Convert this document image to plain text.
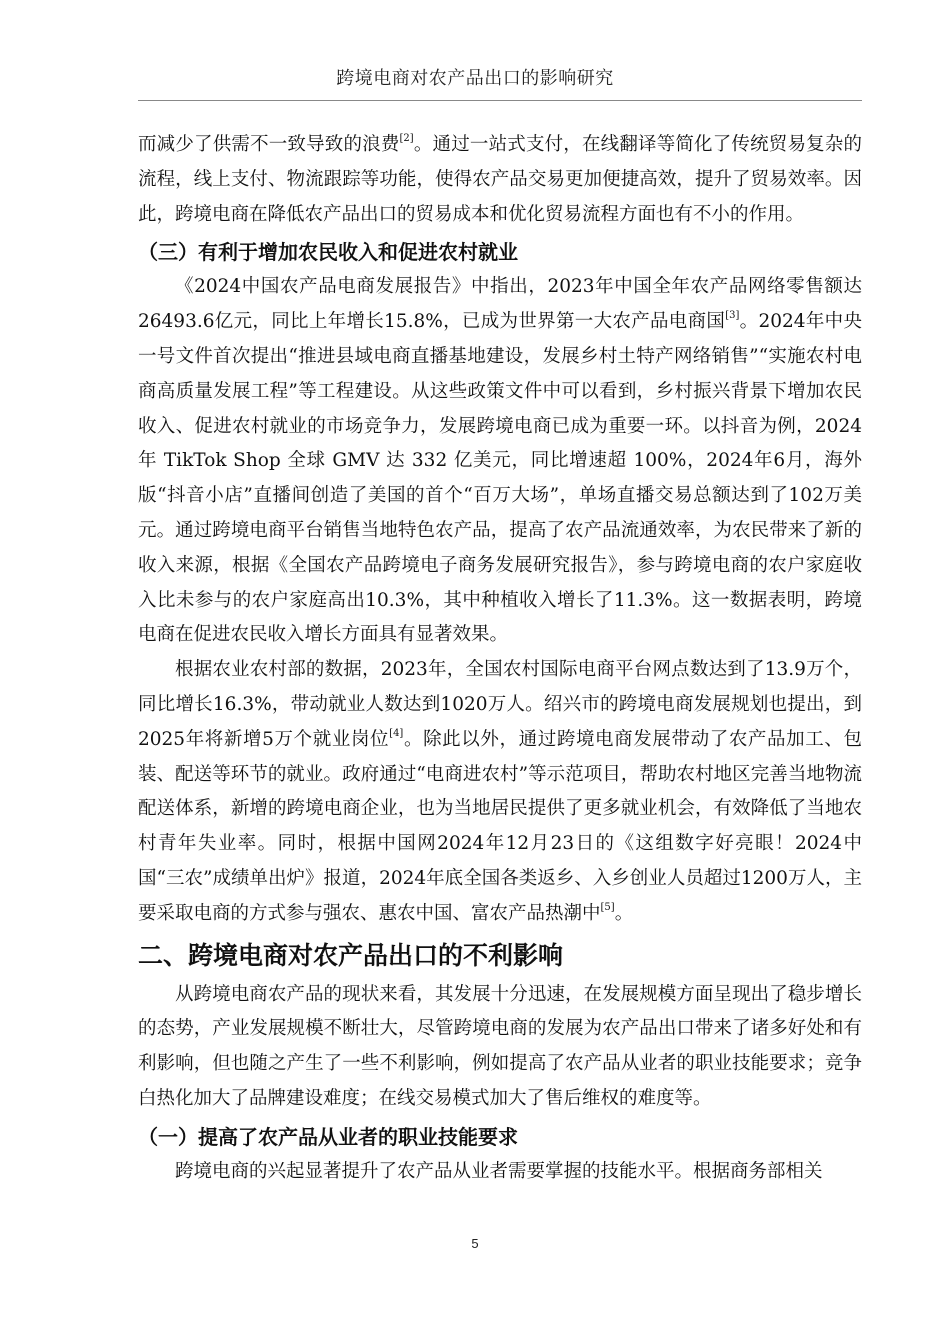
跨境电商对农产品出口的影响研究

而减少了供需不一致导致的浪费[2]。通过一站式支付，在线翻译等简化了传统贸易复杂的流程，线上支付、物流跟踪等功能，使得农产品交易更加便捷高效，提升了贸易效率。因此，跨境电商在降低农产品出口的贸易成本和优化贸易流程方面也有不小的作用。

（三）有利于增加农民收入和促进农村就业

《2024中国农产品电商发展报告》中指出，2023年中国全年农产品网络零售额达26493.6亿元，同比上年增长15.8%，已成为世界第一大农产品电商国[3]。2024年中央一号文件首次提出“推进县域电商直播基地建设，发展乡村土特产网络销售”“实施农村电商高质量发展工程”等工程建设。从这些政策文件中可以看到，乡村振兴背景下增加农民收入、促进农村就业的市场竞争力，发展跨境电商已成为重要一环。以抖音为例，2024年 TikTok Shop 全球 GMV 达 332 亿美元，同比增速超 100%，2024年6月，海外版“抖音小店”直播间创造了美国的首个“百万大场”，单场直播交易总额达到了102万美元。通过跨境电商平台销售当地特色农产品，提高了农产品流通效率，为农民带来了新的收入来源，根据《全国农产品跨境电子商务发展研究报告》，参与跨境电商的农户家庭收入比未参与的农户家庭高出10.3%，其中种植收入增长了11.3%。这一数据表明，跨境电商在促进农民收入增长方面具有显著效果。

根据农业农村部的数据，2023年，全国农村国际电商平台网点数达到了13.9万个，同比增长16.3%，带动就业人数达到1020万人。绍兴市的跨境电商发展规划也提出，到2025年将新增5万个就业岗位[4]。除此以外，通过跨境电商发展带动了农产品加工、包装、配送等环节的就业。政府通过“电商进农村”等示范项目，帮助农村地区完善当地物流配送体系，新增的跨境电商企业，也为当地居民提供了更多就业机会，有效降低了当地农村青年失业率。同时，根据中国网2024年12月23日的《这组数字好亮眼！2024中国“三农”成绩单出炉》报道，2024年底全国各类返乡、入乡创业人员超过1200万人，主要采取电商的方式参与强农、惠农中国、富农产品热潮中[5]。

二、跨境电商对农产品出口的不利影响

从跨境电商农产品的现状来看，其发展十分迅速，在发展规模方面呈现出了稳步增长的态势，产业发展规模不断壮大，尽管跨境电商的发展为农产品出口带来了诸多好处和有利影响，但也随之产生了一些不利影响，例如提高了农产品从业者的职业技能要求；竞争白热化加大了品牌建设难度；在线交易模式加大了售后维权的难度等。

（一）提高了农产品从业者的职业技能要求

跨境电商的兴起显著提升了农产品从业者需要掌握的技能水平。根据商务部相关

5
